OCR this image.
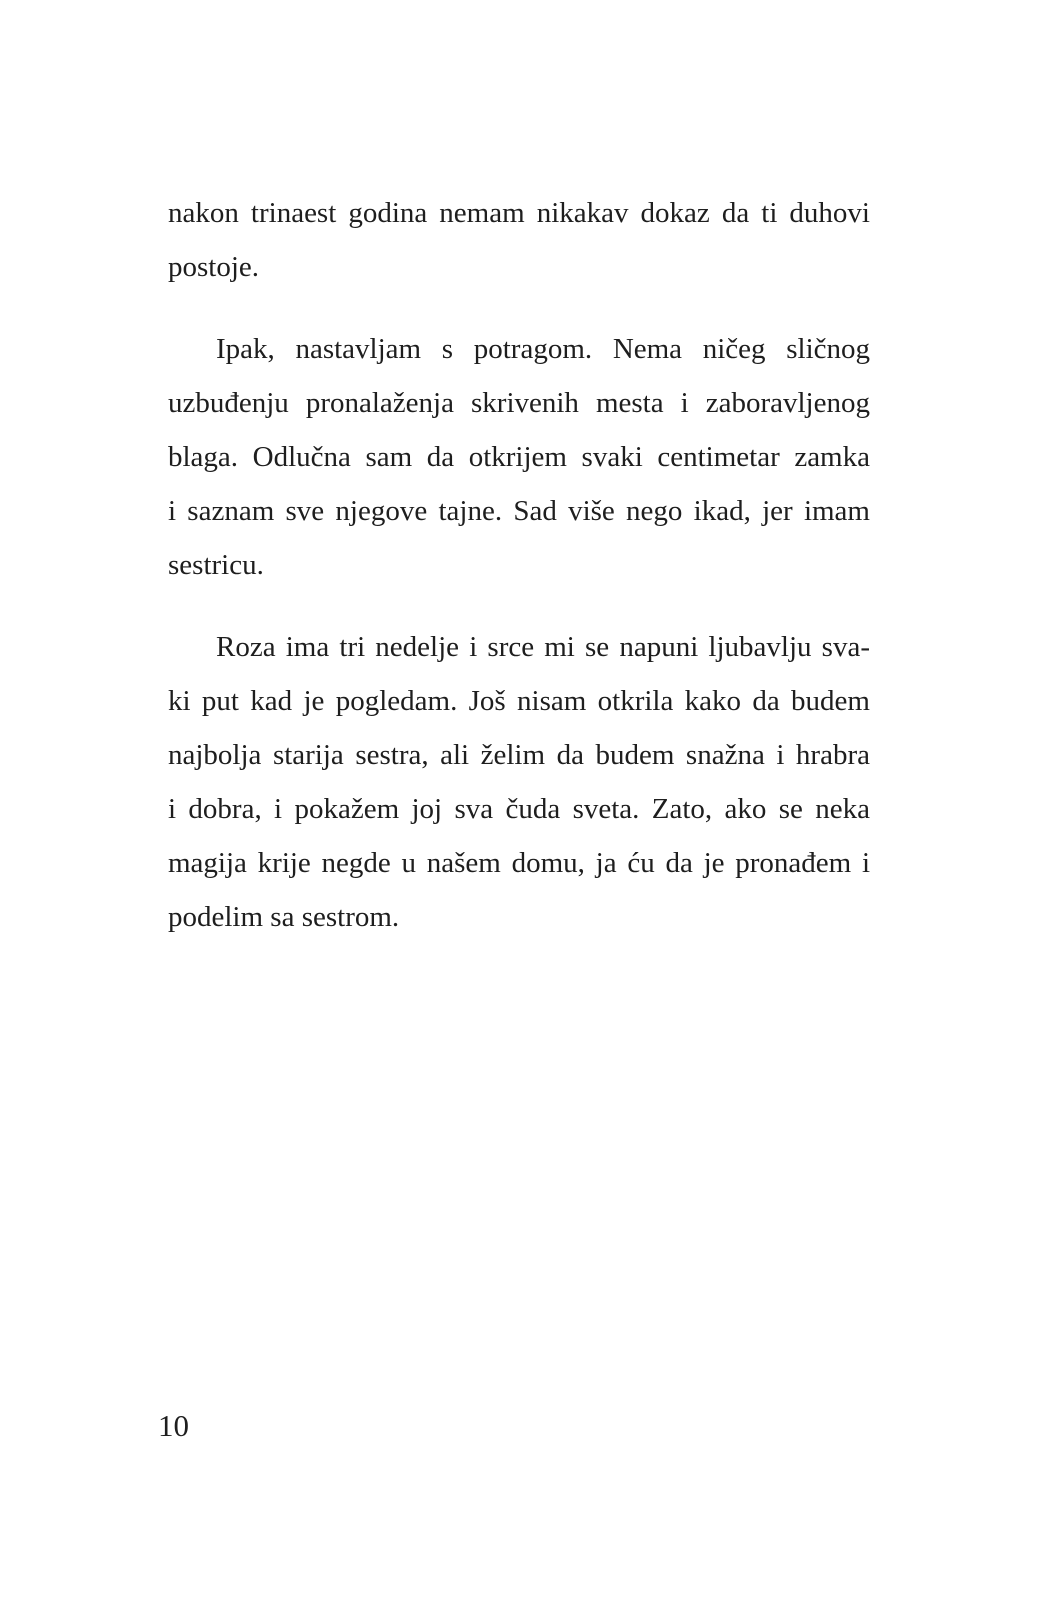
nakon trinaest godina nemam nikakav dokaz da ti duhovi
postoje.
Ipak, nastavljam s potragom. Nema ničeg sličnog
uzbuđenju pronalaženja skrivenih mesta i zaboravljenog
blaga. Odlučna sam da otkrijem svaki centimetar zamka
i saznam sve njegove tajne. Sad više nego ikad, jer imam
sestricu.
Roza ima tri nedelje i srce mi se napuni ljubavlju sva-
ki put kad je pogledam. Još nisam otkrila kako da budem
najbolja starija sestra, ali želim da budem snažna i hrabra
i dobra, i pokažem joj sva čuda sveta. Zato, ako se neka
magija krije negde u našem domu, ja ću da je pronađem i
podelim sa sestrom.
10
